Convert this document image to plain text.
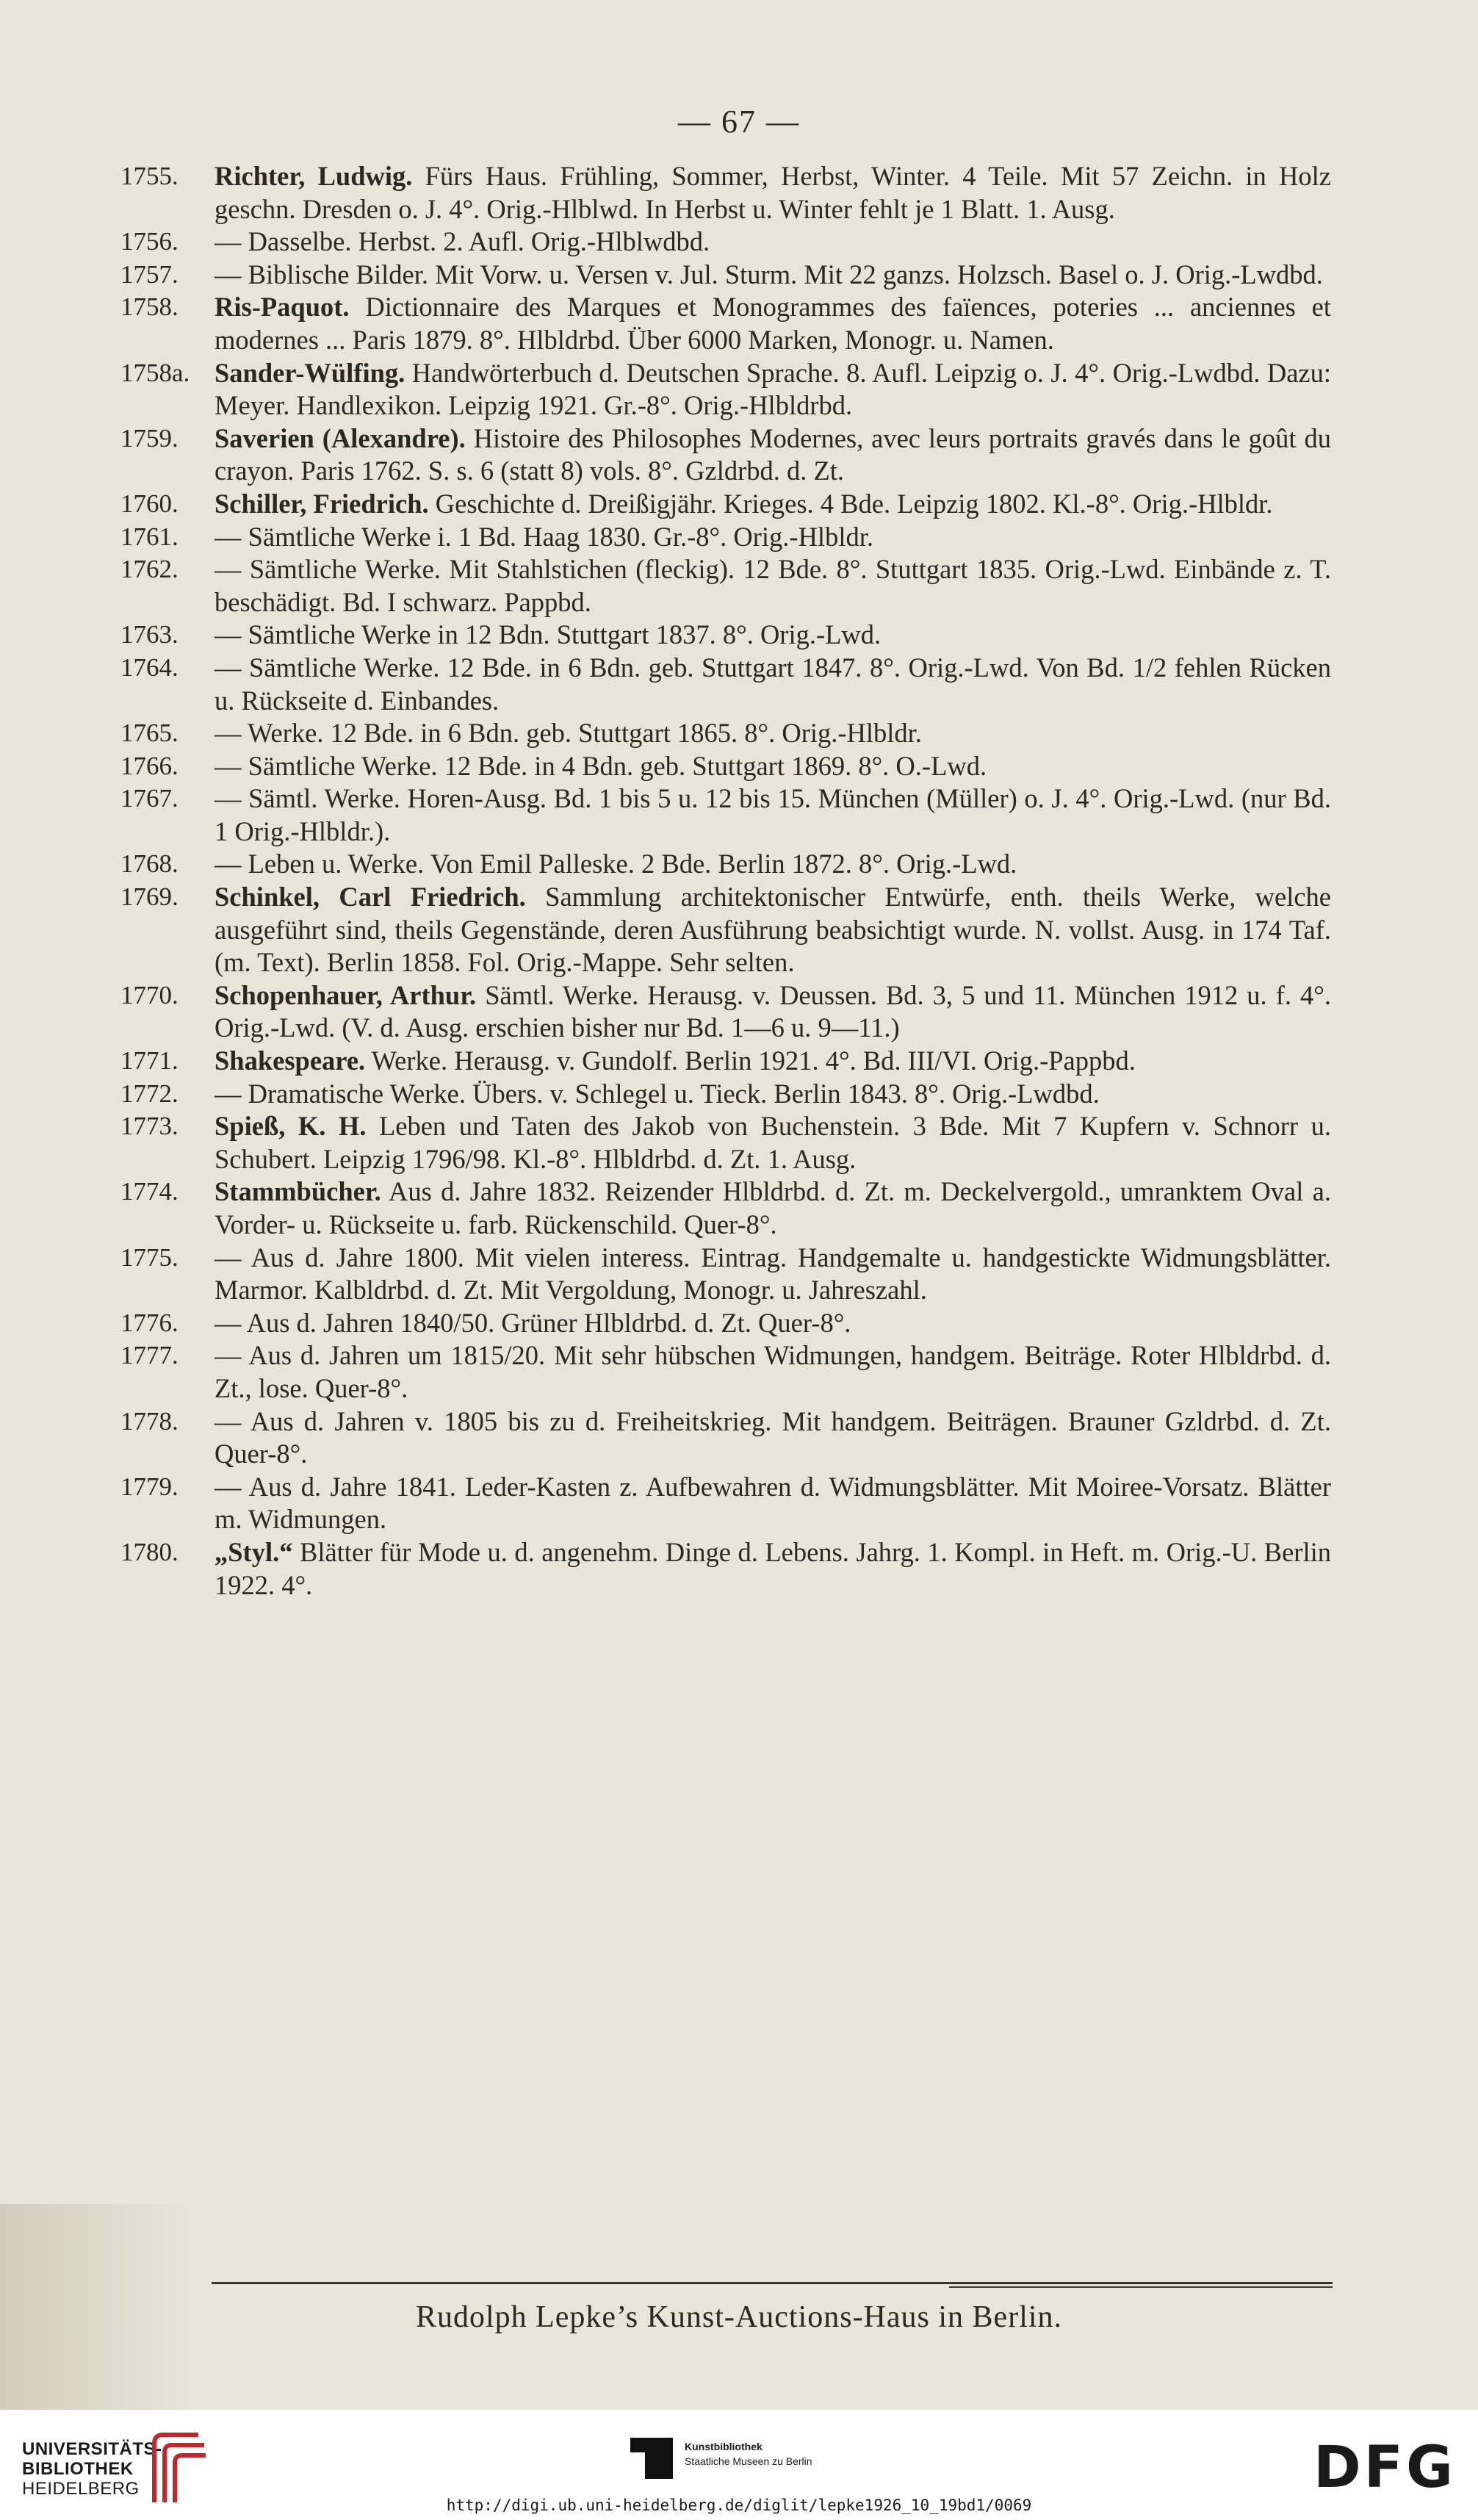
— 67 —
1755.	Richter, Ludwig. Fürs Haus. Frühling, Sommer, Herbst, Winter. 4 Teile. Mit 57 Zeichn. in Holz geschn. Dresden o. J. 4°. Orig.-Hlblwd. In Herbst u. Winter fehlt je 1 Blatt. 1. Ausg.
1756.	— Dasselbe. Herbst. 2. Aufl. Orig.-Hlblwdbd.
1757.	— Biblische Bilder. Mit Vorw. u. Versen v. Jul. Sturm. Mit 22 ganzs. Holzsch. Basel o. J. Orig.-Lwdbd.
1758.	Ris-Paquot. Dictionnaire des Marques et Monogrammes des faïences, poteries ... anciennes et modernes ... Paris 1879. 8°. Hlbldrbd. Über 6000 Marken, Monogr. u. Namen.
1758a. Sander-Wülfing. Handwörterbuch d. Deutschen Sprache. 8. Aufl. Leipzig o. J. 4°. Orig.-Lwdbd. Dazu: Meyer. Handlexikon. Leipzig 1921. Gr.-8°. Orig.-Hlbldrbd.
1759.	Saverien (Alexandre). Histoire des Philosophes Modernes, avec leurs portraits gravés dans le goût du crayon. Paris 1762. S. s. 6 (statt 8) vols. 8°. Gzldrbd. d. Zt.
1760.	Schiller, Friedrich. Geschichte d. Dreißigjähr. Krieges. 4 Bde. Leipzig 1802. Kl.-8°. Orig.-Hlbldr.
1761.	— Sämtliche Werke i. 1 Bd. Haag 1830. Gr.-8°. Orig.-Hlbldr.
1762.	— Sämtliche Werke. Mit Stahlstichen (fleckig). 12 Bde. 8°. Stuttgart 1835. Orig.-Lwd. Einbände z. T. beschädigt. Bd. I schwarz. Pappbd.
1763.	— Sämtliche Werke in 12 Bdn. Stuttgart 1837. 8°. Orig.-Lwd.
1764.	— Sämtliche Werke. 12 Bde. in 6 Bdn. geb. Stuttgart 1847. 8°. Orig.-Lwd. Von Bd. 1/2 fehlen Rücken u. Rückseite d. Einbandes.
1765.	— Werke. 12 Bde. in 6 Bdn. geb. Stuttgart 1865. 8°. Orig.-Hlbldr.
1766.	— Sämtliche Werke. 12 Bde. in 4 Bdn. geb. Stuttgart 1869. 8°. O.-Lwd.
1767.	— Sämtl. Werke. Horen-Ausg. Bd. 1 bis 5 u. 12 bis 15. München (Müller) o. J. 4°. Orig.-Lwd. (nur Bd. 1 Orig.-Hlbldr.).
1768.	— Leben u. Werke. Von Emil Palleske. 2 Bde. Berlin 1872. 8°. Orig.-Lwd.
1769.	Schinkel, Carl Friedrich. Sammlung architektonischer Entwürfe, enth. theils Werke, welche ausgeführt sind, theils Gegenstände, deren Ausführung beabsichtigt wurde. N. vollst. Ausg. in 174 Taf. (m. Text). Berlin 1858. Fol. Orig.-Mappe. Sehr selten.
1770.	Schopenhauer, Arthur. Sämtl. Werke. Herausg. v. Deussen. Bd. 3, 5 und 11. München 1912 u. f. 4°. Orig.-Lwd. (V. d. Ausg. erschien bisher nur Bd. 1—6 u. 9—11.)
1771.	Shakespeare. Werke. Herausg. v. Gundolf. Berlin 1921. 4°. Bd. III/VI. Orig.-Pappbd.
1772.	— Dramatische Werke. Übers. v. Schlegel u. Tieck. Berlin 1843. 8°. Orig.-Lwdbd.
1773.	Spieß, K. H. Leben und Taten des Jakob von Buchenstein. 3 Bde. Mit 7 Kupfern v. Schnorr u. Schubert. Leipzig 1796/98. Kl.-8°. Hlbldrbd. d. Zt. 1. Ausg.
1774.	Stammbücher. Aus d. Jahre 1832. Reizender Hlbldrbd. d. Zt. m. Deckelvergold., umranktem Oval a. Vorder- u. Rückseite u. farb. Rückenschild. Quer-8°.
1775.	— Aus d. Jahre 1800. Mit vielen interess. Eintrag. Handgemalte u. handgestickte Widmungsblätter. Marmor. Kalbldrbd. d. Zt. Mit Vergoldung, Monogr. u. Jahreszahl.
1776.	— Aus d. Jahren 1840/50. Grüner Hlbldrbd. d. Zt. Quer-8°.
1777.	— Aus d. Jahren um 1815/20. Mit sehr hübschen Widmungen, handgem. Beiträge. Roter Hlbldrbd. d. Zt., lose. Quer-8°.
1778.	— Aus d. Jahren v. 1805 bis zu d. Freiheitskrieg. Mit handgem. Beiträgen. Brauner Gzldrbd. d. Zt. Quer-8°.
1779.	— Aus d. Jahre 1841. Leder-Kasten z. Aufbewahren d. Widmungsblätter. Mit Moiree-Vorsatz. Blätter m. Widmungen.
1780.	„Styl.“ Blätter für Mode u. d. angenehm. Dinge d. Lebens. Jahrg. 1. Kompl. in Heft. m. Orig.-U. Berlin 1922. 4°.
Rudolph Lepke’s Kunst-Auctions-Haus in Berlin.
UNIVERSITÄTS-
BIBLIOTHEK
HEIDELBERG
Kunstbibliothek
Staatliche Museen zu Berlin
http://digi.ub.uni-heidelberg.de/diglit/lepke1926_10_19bd1/0069
DFG
